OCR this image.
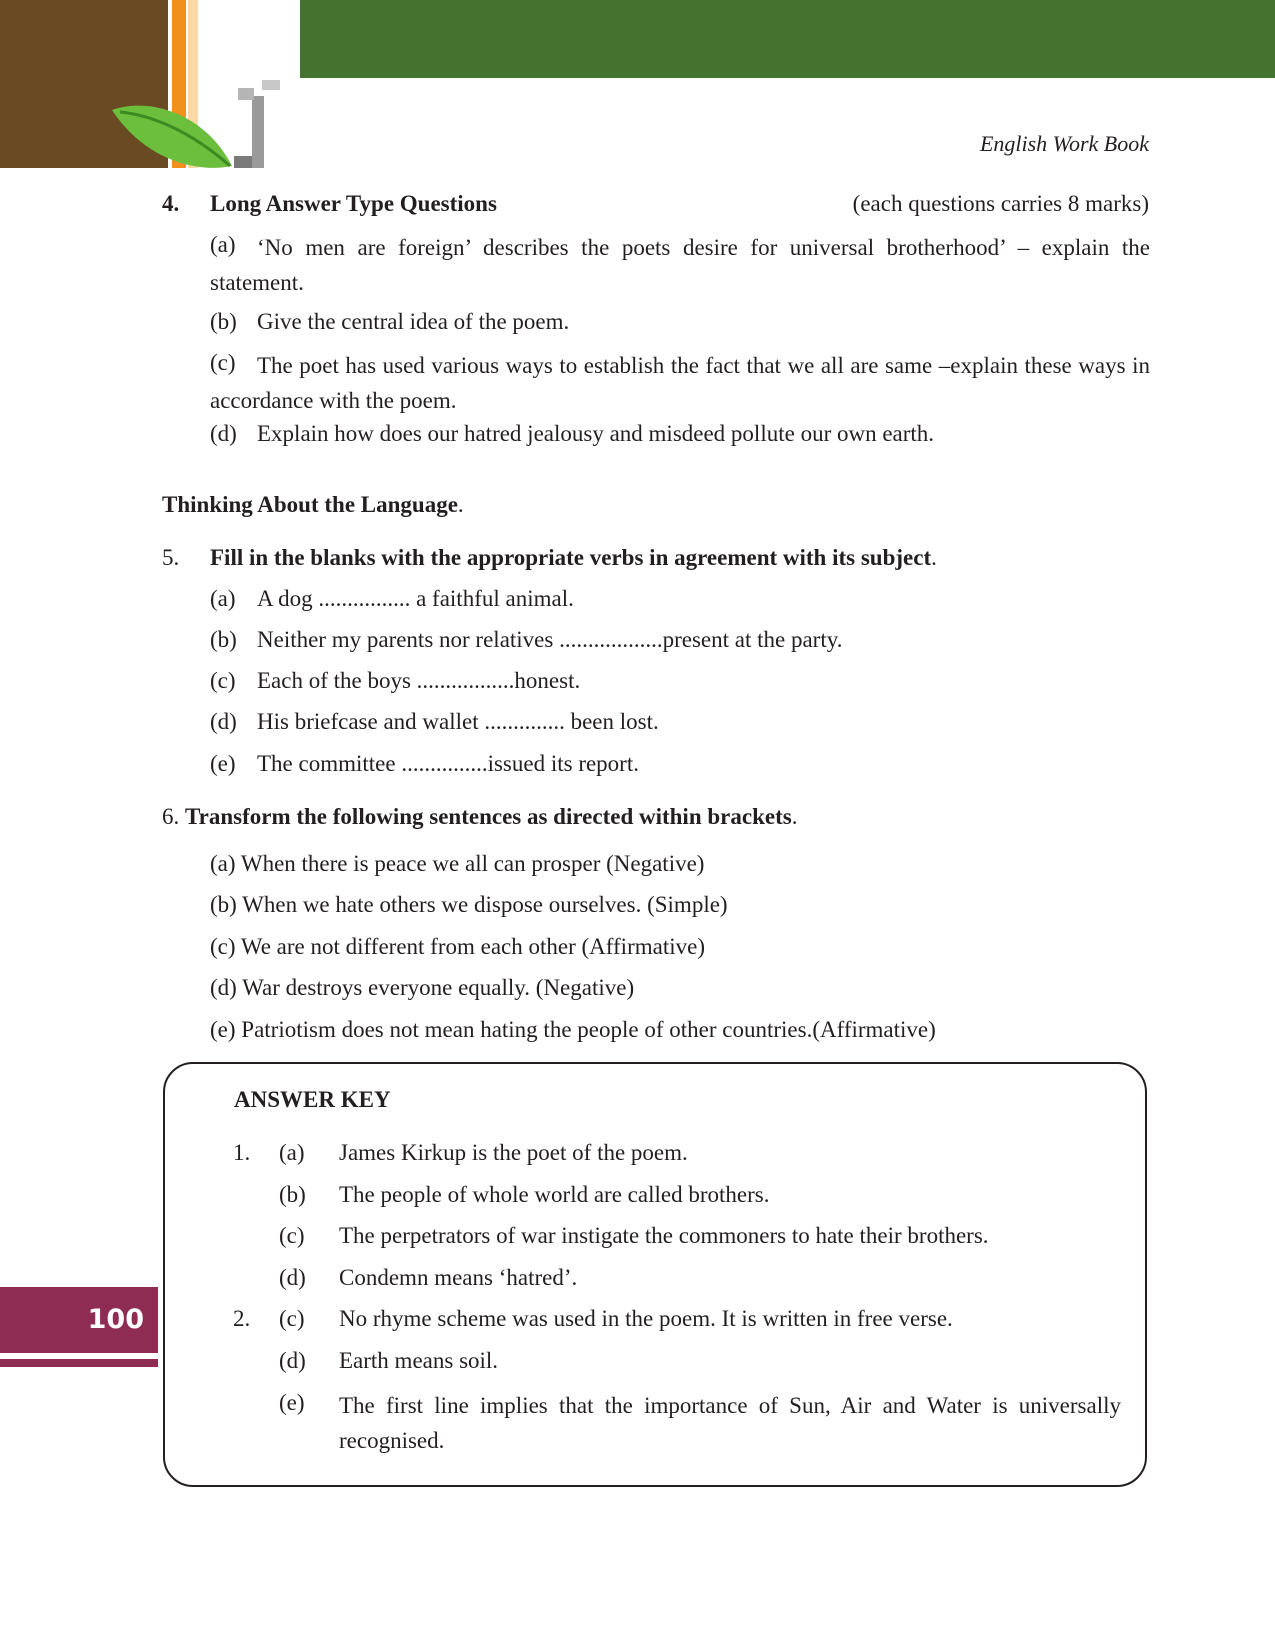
English Work Book
4. Long Answer Type Questions	(each questions carries 8 marks)
(a) ‘No men are foreign’ describes the poets desire for universal brotherhood’ – explain the statement.
(b) Give the central idea of the poem.
(c) The poet has used various ways to establish the fact that we all are same –explain these ways in accordance with the poem.
(d) Explain how does our hatred jealousy and misdeed pollute our own earth.
Thinking About the Language.
5. Fill in the blanks with the appropriate verbs in agreement with its subject.
(a) A dog ................ a faithful animal.
(b) Neither my parents nor relatives ..................present at the party.
(c) Each of the boys .................honest.
(d) His briefcase and wallet .............. been lost.
(e) The committee ...............issued its report.
6. Transform the following sentences as directed within brackets.
(a) When there is peace we all can prosper (Negative)
(b) When we hate others we dispose ourselves. (Simple)
(c) We are not different from each other (Affirmative)
(d) War destroys everyone equally. (Negative)
(e) Patriotism does not mean hating the people of other countries.(Affirmative)
ANSWER KEY
1. (a) James Kirkup is the poet of the poem.
(b) The people of whole world are called brothers.
(c) The perpetrators of war instigate the commoners to hate their brothers.
(d) Condemn means ‘hatred’.
2. (c) No rhyme scheme was used in the poem. It is written in free verse.
(d) Earth means soil.
(e) The first line implies that the importance of Sun, Air and Water is universally recognised.
100
